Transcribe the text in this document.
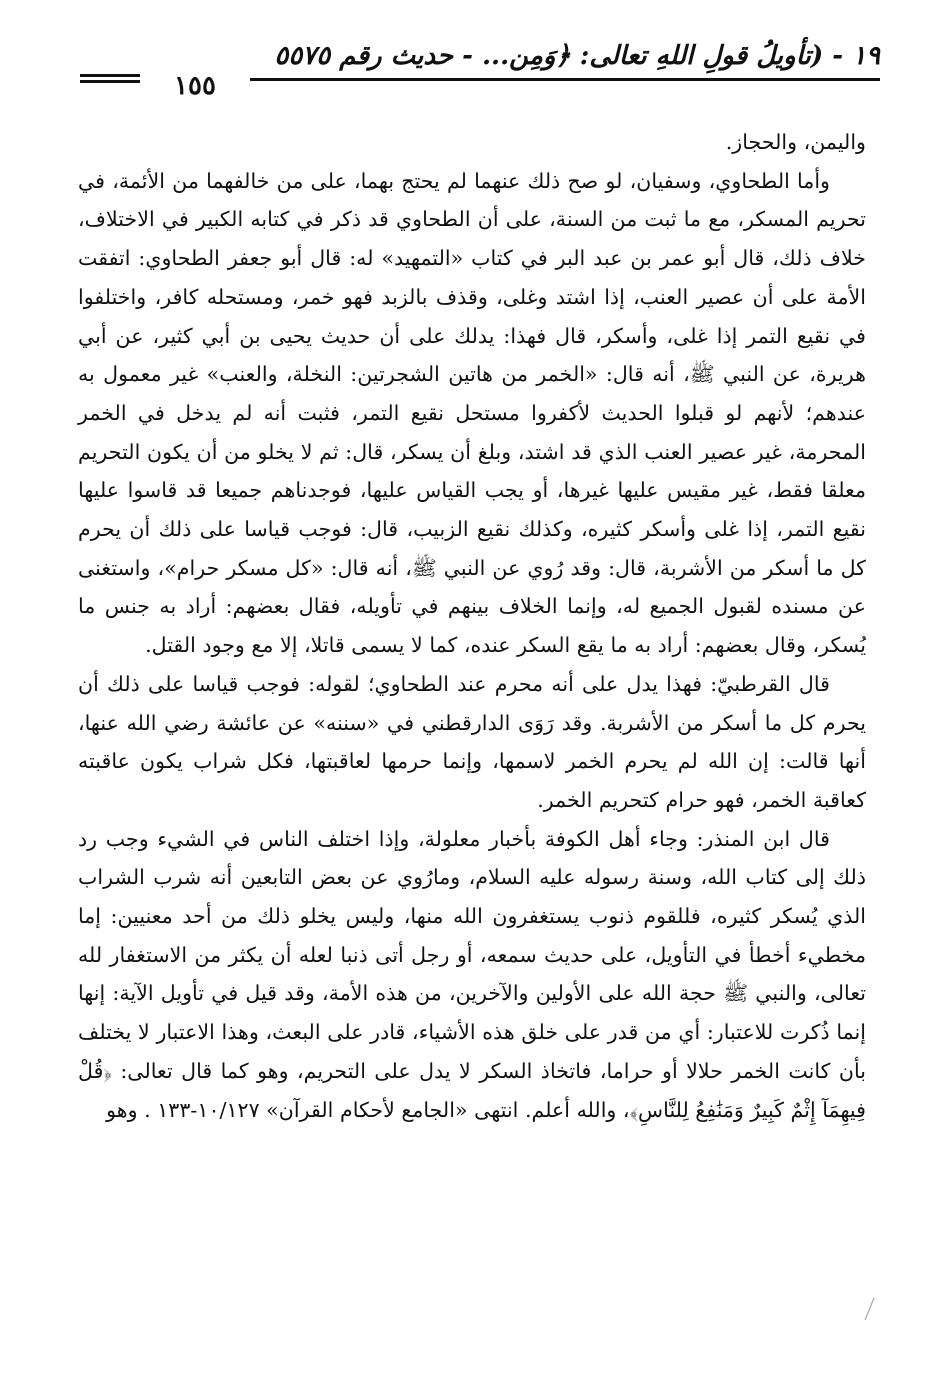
١٩ - (تأويلُ قولِ اللهِ تعالى: ﴿وَمِن... - حديث رقم ٥٥٧٥
١٥٥

واليمن، والحجاز.

وأما الطحاوي، وسفيان، لو صح ذلك عنهما لم يحتج بهما، على من خالفهما من الأئمة، في تحريم المسكر، مع ما ثبت من السنة، على أن الطحاوي قد ذكر في كتابه الكبير في الاختلاف، خلاف ذلك، قال أبو عمر بن عبد البر في كتاب «التمهيد» له: قال أبو جعفر الطحاوي: اتفقت الأمة على أن عصير العنب، إذا اشتد وغلى، وقذف بالزبد فهو خمر، ومستحله كافر، واختلفوا في نقيع التمر إذا غلى، وأسكر، قال فهذا: يدلك على أن حديث يحيى بن أبي كثير، عن أبي هريرة، عن النبي ﷺ، أنه قال: «الخمر من هاتين الشجرتين: النخلة، والعنب» غير معمول به عندهم؛ لأنهم لو قبلوا الحديث لأكفروا مستحل نقيع التمر، فثبت أنه لم يدخل في الخمر المحرمة، غير عصير العنب الذي قد اشتد، وبلغ أن يسكر، قال: ثم لا يخلو من أن يكون التحريم معلقا فقط، غير مقيس عليها غيرها، أو يجب القياس عليها، فوجدناهم جميعا قد قاسوا عليها نقيع التمر، إذا غلى وأسكر كثيره، وكذلك نقيع الزبيب، قال: فوجب قياسا على ذلك أن يحرم كل ما أسكر من الأشربة، قال: وقد رُوي عن النبي ﷺ، أنه قال: «كل مسكر حرام»، واستغنى عن مسنده لقبول الجميع له، وإنما الخلاف بينهم في تأويله، فقال بعضهم: أراد به جنس ما يُسكر، وقال بعضهم: أراد به ما يقع السكر عنده، كما لا يسمى قاتلا، إلا مع وجود القتل.

قال القرطبيّ: فهذا يدل على أنه محرم عند الطحاوي؛ لقوله: فوجب قياسا على ذلك أن يحرم كل ما أسكر من الأشربة. وقد رَوَى الدارقطني في «سننه» عن عائشة رضي الله عنها، أنها قالت: إن الله لم يحرم الخمر لاسمها، وإنما حرمها لعاقبتها، فكل شراب يكون عاقبته كعاقبة الخمر، فهو حرام كتحريم الخمر.

قال ابن المنذر: وجاء أهل الكوفة بأخبار معلولة، وإذا اختلف الناس في الشيء وجب رد ذلك إلى كتاب الله، وسنة رسوله عليه السلام، ومارُوي عن بعض التابعين أنه شرب الشراب الذي يُسكر كثيره، فللقوم ذنوب يستغفرون الله منها، وليس يخلو ذلك من أحد معنيين: إما مخطيء أخطأ في التأويل، على حديث سمعه، أو رجل أتى ذنبا لعله أن يكثر من الاستغفار لله تعالى، والنبي ﷺ حجة الله على الأولين والآخرين، من هذه الأمة، وقد قيل في تأويل الآية: إنها إنما ذُكرت للاعتبار: أي من قدر على خلق هذه الأشياء، قادر على البعث، وهذا الاعتبار لا يختلف بأن كانت الخمر حلالا أو حراما، فاتخاذ السكر لا يدل على التحريم، وهو كما قال تعالى: ﴿قُلْ فِيهِمَآ إِثْمٌ كَبِيرٌ وَمَنَٰفِعُ لِلنَّاسِ﴾، والله أعلم. انتهى «الجامع لأحكام القرآن» ١٠/١٢٧-١٣٣ . وهو
